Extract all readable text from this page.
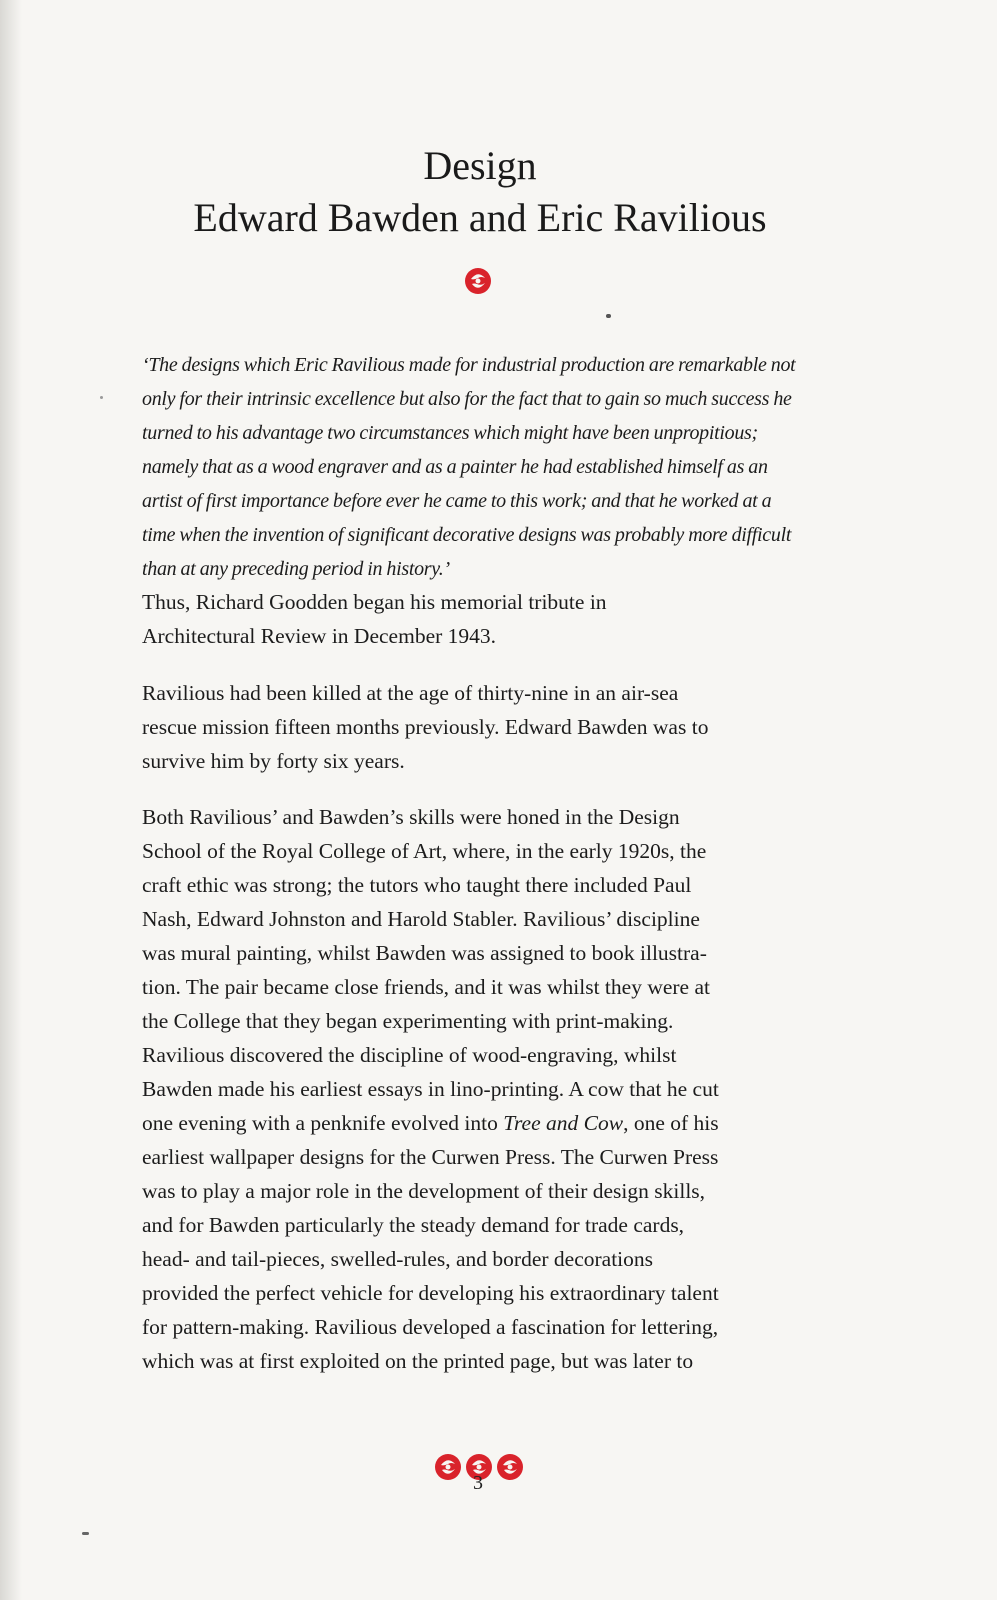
Design
Edward Bawden and Eric Ravilious

‘The designs which Eric Ravilious made for industrial production are remarkable not

only for their intrinsic excellence but also for the fact that to gain so much success he

turned to his advantage two circumstances which might have been unpropitious;

namely that as a wood engraver and as a painter he had established himself as an

artist of first importance before ever he came to this work; and that he worked at a

time when the invention of significant decorative designs was probably more difficult

than at any preceding period in history.’

Thus, Richard Goodden began his memorial tribute in

Architectural Review in December 1943.

Ravilious had been killed at the age of thirty-nine in an air-sea

rescue mission fifteen months previously. Edward Bawden was to

survive him by forty six years.

Both Ravilious’ and Bawden’s skills were honed in the Design

School of the Royal College of Art, where, in the early 1920s, the

craft ethic was strong; the tutors who taught there included Paul

Nash, Edward Johnston and Harold Stabler. Ravilious’ discipline

was mural painting, whilst Bawden was assigned to book illustra-

tion. The pair became close friends, and it was whilst they were at

the College that they began experimenting with print-making.

Ravilious discovered the discipline of wood-engraving, whilst

Bawden made his earliest essays in lino-printing. A cow that he cut

one evening with a penknife evolved into Tree and Cow, one of his

earliest wallpaper designs for the Curwen Press. The Curwen Press

was to play a major role in the development of their design skills,

and for Bawden particularly the steady demand for trade cards,

head- and tail-pieces, swelled-rules, and border decorations

provided the perfect vehicle for developing his extraordinary talent

for pattern-making. Ravilious developed a fascination for lettering,

which was at first exploited on the printed page, but was later to

3
